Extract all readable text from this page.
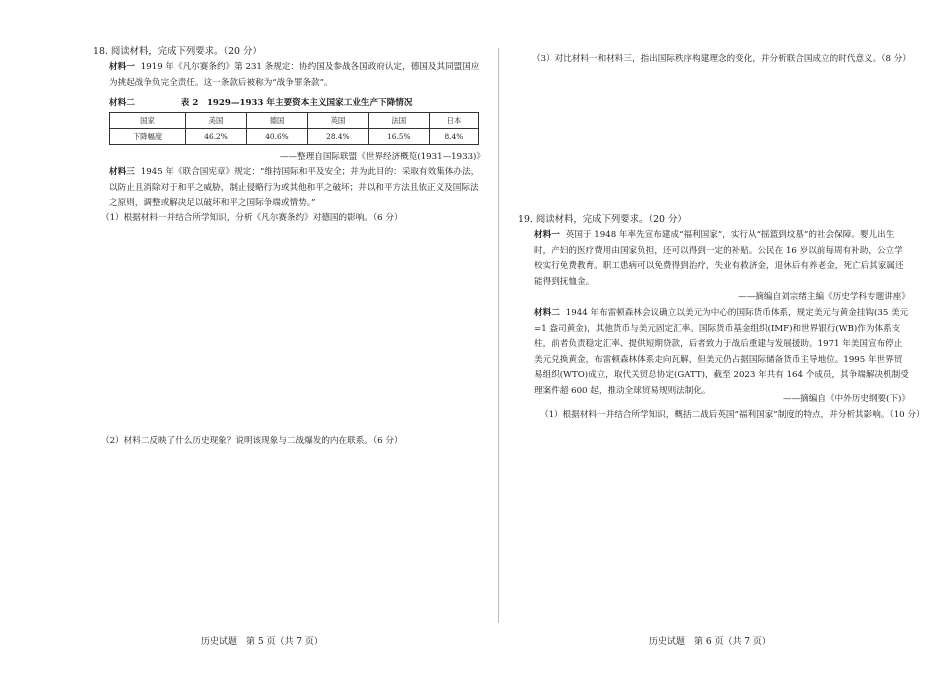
18. 阅读材料，完成下列要求。（20 分）
材料一 1919 年《凡尔赛条约》第 231 条规定：协约国及参战各国政府认定，德国及其同盟国应为挑起战争负完全责任。这一条款后被称为“战争罪条款”。
材料二	表 2　1929—1933 年主要资本主义国家工业生产下降情况
国家	美国	德国	英国	法国	日本
下降幅度	46.2%	40.6%	28.4%	16.5%	8.4%
——整理自国际联盟《世界经济概览(1931—1933)》
材料三 1945 年《联合国宪章》规定：“维持国际和平及安全；并为此目的：采取有效集体办法，以防止且消除对于和平之威胁，制止侵略行为或其他和平之破坏；并以和平方法且依正义及国际法之原则，调整或解决足以破坏和平之国际争端或情势。”
（1）根据材料一并结合所学知识，分析《凡尔赛条约》对德国的影响。（6 分）
（2）材料二反映了什么历史现象？说明该现象与二战爆发的内在联系。（6 分）
历史试题　第 5 页（共 7 页）
（3）对比材料一和材料三，指出国际秩序构建理念的变化，并分析联合国成立的时代意义。（8 分）
19. 阅读材料，完成下列要求。（20 分）
材料一 英国于 1948 年率先宣布建成“福利国家”，实行从“摇篮到坟墓”的社会保障。婴儿出生时，产妇的医疗费用由国家负担，还可以得到一定的补贴。公民在 16 岁以前每周有补助，公立学校实行免费教育。职工患病可以免费得到治疗，失业有救济金，退休后有养老金，死亡后其家属还能得到抚恤金。
——摘编自刘宗绪主编《历史学科专题讲座》
材料二 1944 年布雷顿森林会议确立以美元为中心的国际货币体系，规定美元与黄金挂钩(35 美元=1 盎司黄金)，其他货币与美元固定汇率。国际货币基金组织(IMF)和世界银行(WB)作为体系支柱，前者负责稳定汇率、提供短期贷款，后者致力于战后重建与发展援助。1971 年美国宣布停止美元兑换黄金，布雷顿森林体系走向瓦解，但美元仍占据国际储备货币主导地位。1995 年世界贸易组织(WTO)成立，取代关贸总协定(GATT)，截至 2023 年共有 164 个成员，其争端解决机制受理案件超 600 起，推动全球贸易规则法制化。
——摘编自《中外历史纲要(下)》
（1）根据材料一并结合所学知识，概括二战后英国“福利国家”制度的特点，并分析其影响。（10 分）
历史试题　第 6 页（共 7 页）
